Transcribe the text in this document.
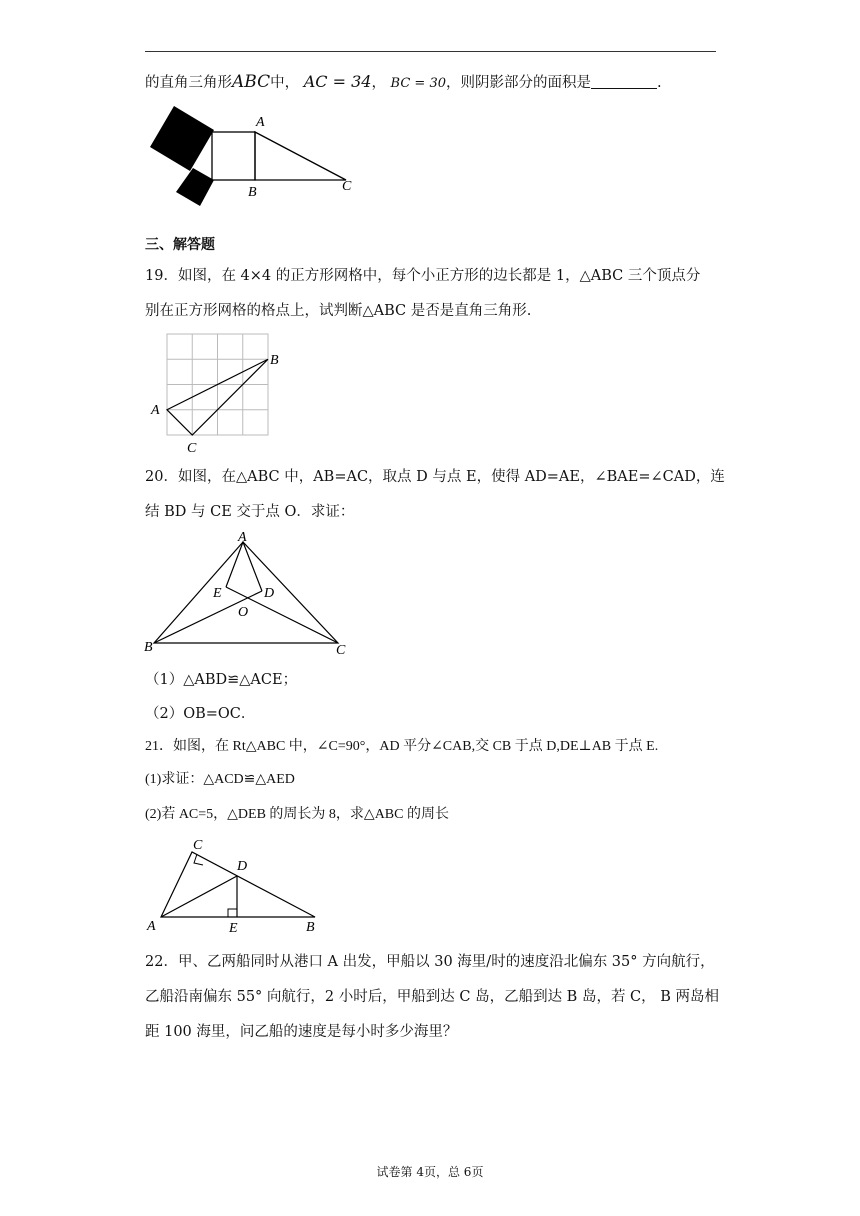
的直角三角形ABC中， AC = 34， BC = 30，则阴影部分的面积是	.
A
B	C
三、解答题
19．如图，在 4×4 的正方形网格中，每个小正方形的边长都是 1，△ABC 三个顶点分
别在正方形网格的格点上，试判断△ABC 是否是直角三角形.
A
B
C
20．如图，在△ABC 中，AB=AC，取点 D 与点 E，使得 AD=AE，∠BAE=∠CAD，连
结 BD 与 CE 交于点 O．求证：
A
B	C
D
E
O
（1）△ABD≌△ACE；
（2）OB=OC．
21．如图，在 Rt△ABC 中，∠C=90°，AD 平分∠CAB,交 CB 于点 D,DE⊥AB 于点 E.
(1)求证：△ACD≌△AED
(2)若 AC=5，△DEB 的周长为 8，求△ABC 的周长
A	B
C
D
E
22．甲、乙两船同时从港口 A 出发，甲船以 30 海里/时的速度沿北偏东 35° 方向航行，
乙船沿南偏东 55° 向航行，2 小时后，甲船到达 C 岛，乙船到达 B 岛，若 C， B 两岛相
距 100 海里，问乙船的速度是每小时多少海里？
试卷第 4页，总 6页
